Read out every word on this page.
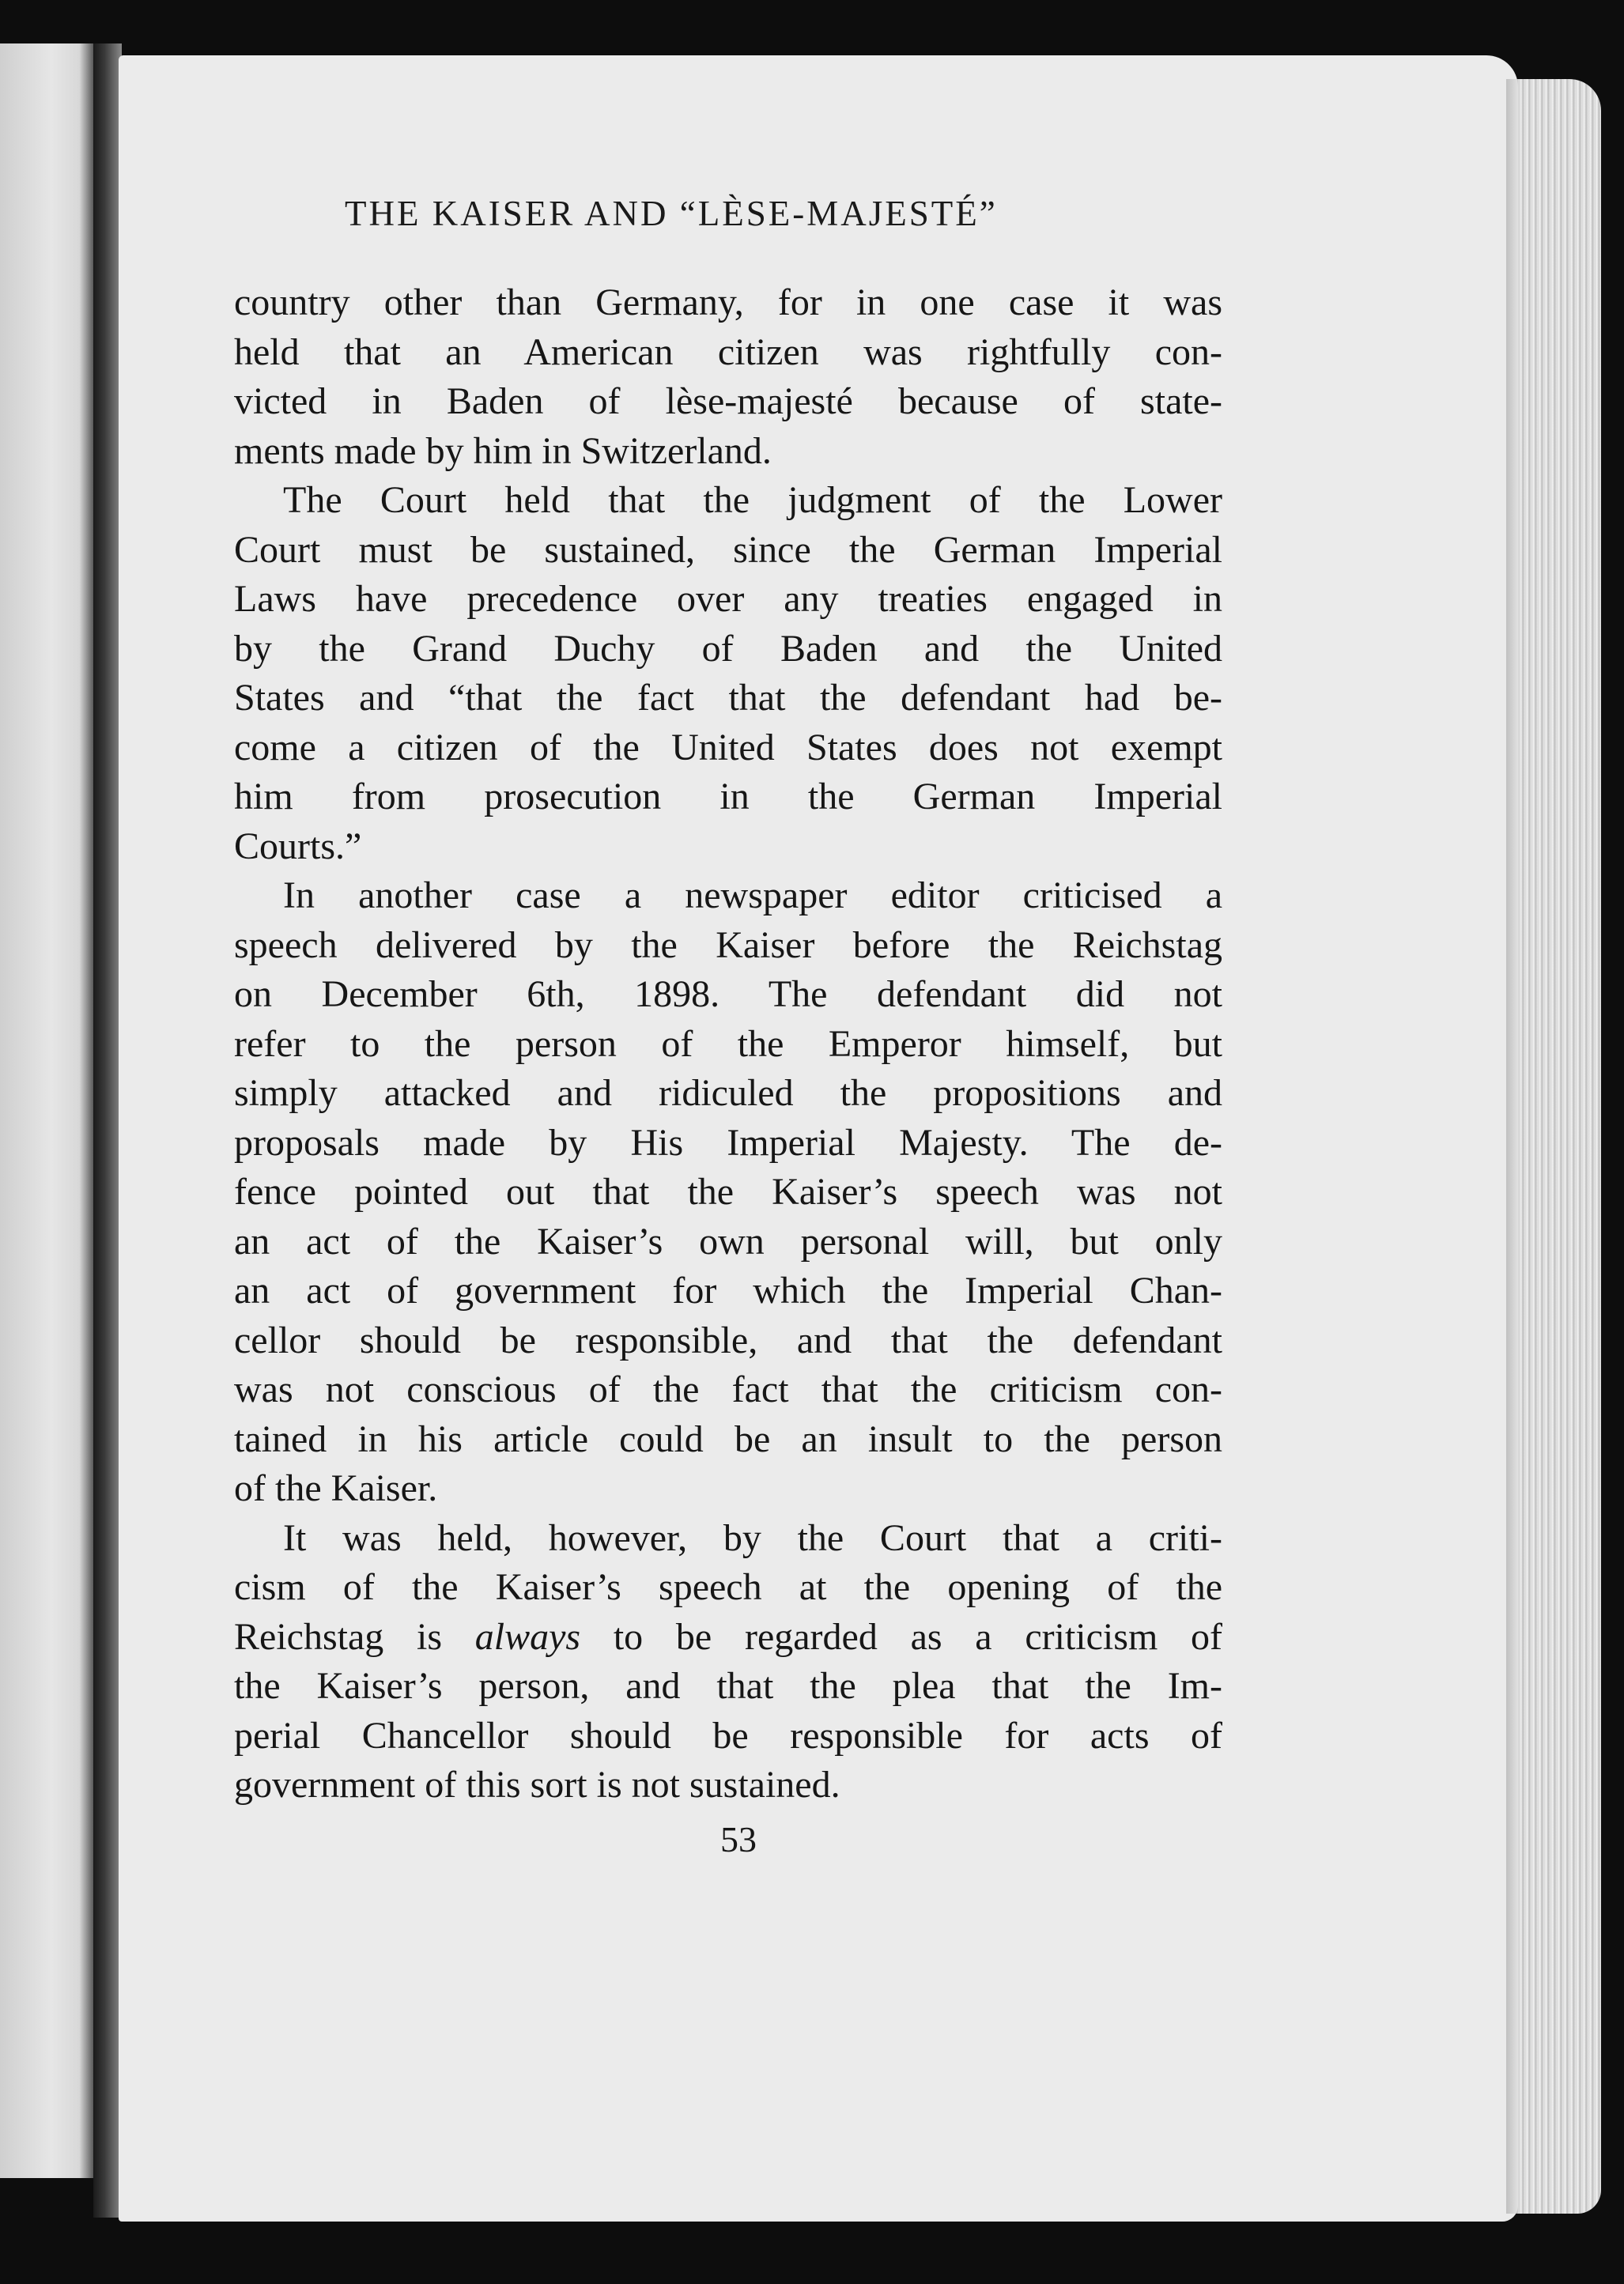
THE KAISER AND “LÈSE-MAJESTÉ”
country other than Germany, for in one case it was
held that an American citizen was rightfully con-
victed in Baden of lèse-majesté because of state-
ments made by him in Switzerland.
The Court held that the judgment of the Lower
Court must be sustained, since the German Imperial
Laws have precedence over any treaties engaged in
by the Grand Duchy of Baden and the United
States and “that the fact that the defendant had be-
come a citizen of the United States does not exempt
him from prosecution in the German Imperial
Courts.”
In another case a newspaper editor criticised a
speech delivered by the Kaiser before the Reichstag
on December 6th, 1898. The defendant did not
refer to the person of the Emperor himself, but
simply attacked and ridiculed the propositions and
proposals made by His Imperial Majesty. The de-
fence pointed out that the Kaiser’s speech was not
an act of the Kaiser’s own personal will, but only
an act of government for which the Imperial Chan-
cellor should be responsible, and that the defendant
was not conscious of the fact that the criticism con-
tained in his article could be an insult to the person
of the Kaiser.
It was held, however, by the Court that a criti-
cism of the Kaiser’s speech at the opening of the
Reichstag is always to be regarded as a criticism of
the Kaiser’s person, and that the plea that the Im-
perial Chancellor should be responsible for acts of
government of this sort is not sustained.
53
